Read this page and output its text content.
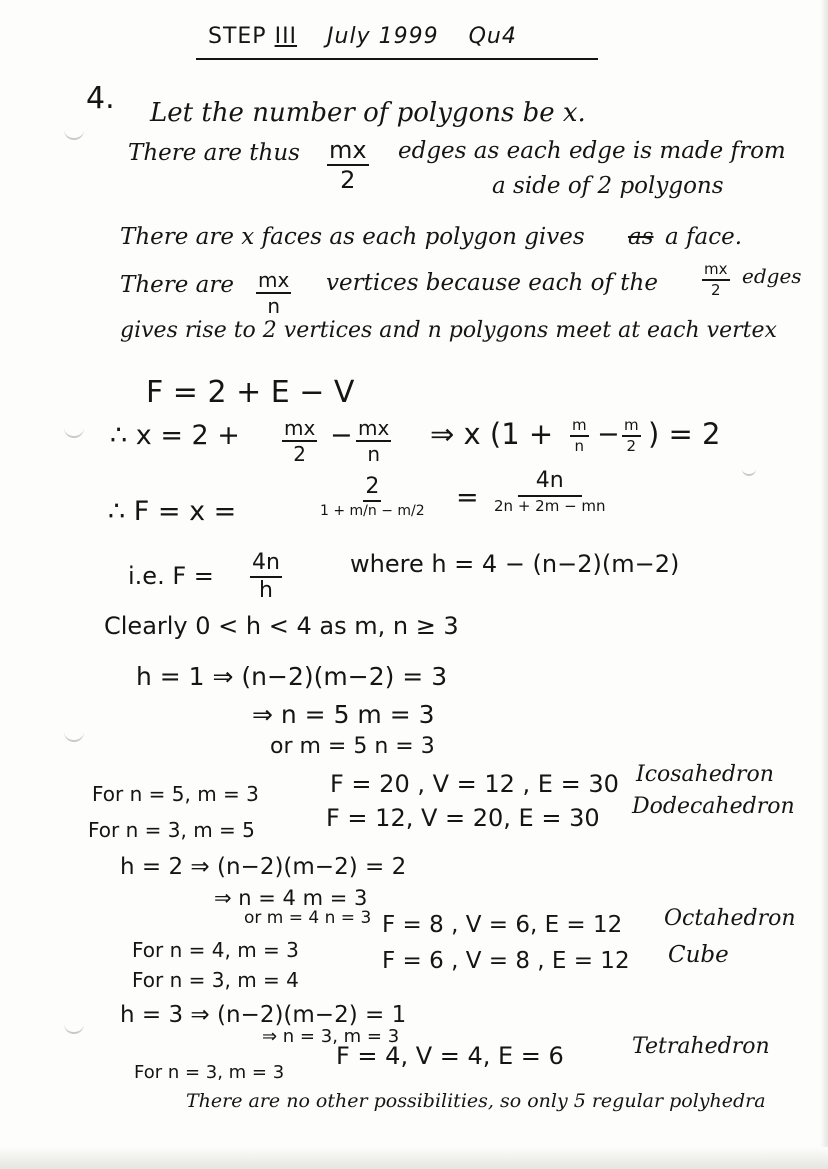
STEP III July 1999 Qu4
4. Let the number of polygons be x.
There are thus $\frac{mx}{2}$ edges as each edge is made from
a side of 2 polygons
There are x faces as each polygon gives as a face.
There are $\frac{mx}{n}$ vertices because each of the	$\frac{mx}{2}$ edges
gives rise to 2 vertices and n polygons meet at each vertex
F = 2 + E − V
∴ $x = 2 + \frac{mx}{2} - \frac{mx}{n}$ ⇒ x ($1 + \frac{m}{n} - \frac{m}{2}$ ) = 2
∴ F = x =
2
1 + m/n − m/2 =
4n
2n + 2m − mn
i.e. $F = \frac{4n}{h}$	where h = 4 − (n−2)(m−2)
Clearly 0 < h < 4 as m, n ≥ 3
h = 1 ⇒ (n−2)(m−2) = 3
⇒ n = 5 m = 3
or m = 5 n = 3
For n = 5, m = 3	F = 20 , V = 12 , E = 30 Icosahedron
For n = 3, m = 5	F = 12, V = 20, E = 30 Dodecahedron
h = 2 ⇒ (n−2)(m−2) = 2
⇒ n = 4 m = 3
or m = 4 n = 3
For n = 4, m = 3
F = 8 , V = 6, E = 12 Octahedron
For n = 3, m = 4
F = 6 , V = 8 , E = 12 Cube
h = 3 ⇒ (n−2)(m−2) = 1
⇒ n = 3, m = 3
For n = 3, m = 3
F = 4, V = 4, E = 6	Tetrahedron
There are no other possibilities, so only 5 regular polyhedra
